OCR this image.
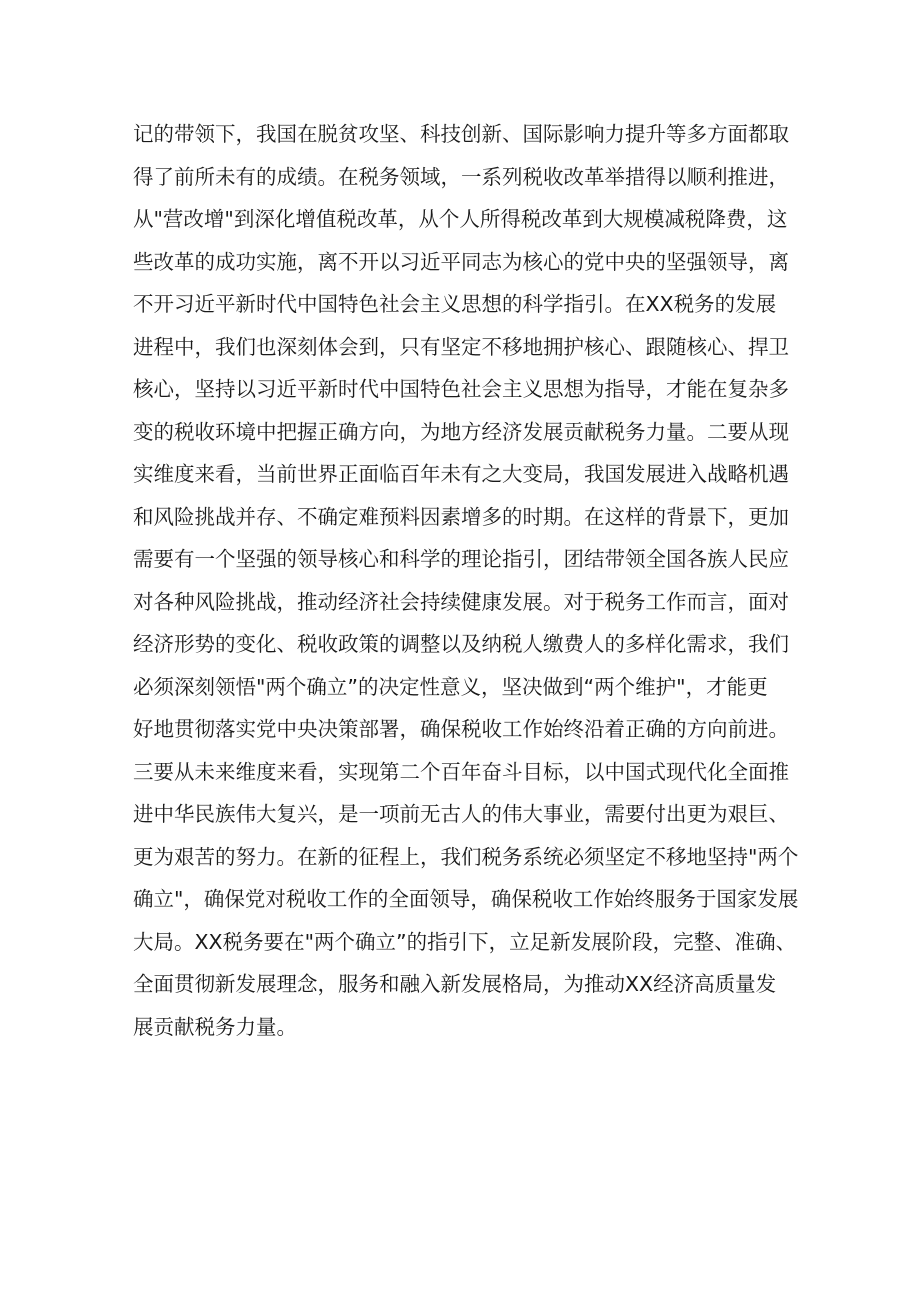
记的带领下，我国在脱贫攻坚、科技创新、国际影响力提升等多方面都取
得了前所未有的成绩。在税务领域，一系列税收改革举措得以顺利推进，
从"营改增"到深化增值税改革，从个人所得税改革到大规模减税降费，这
些改革的成功实施，离不开以习近平同志为核心的党中央的坚强领导，离
不开习近平新时代中国特色社会主义思想的科学指引。在XX税务的发展
进程中，我们也深刻体会到，只有坚定不移地拥护核心、跟随核心、捍卫
核心，坚持以习近平新时代中国特色社会主义思想为指导，才能在复杂多
变的税收环境中把握正确方向，为地方经济发展贡献税务力量。二要从现
实维度来看，当前世界正面临百年未有之大变局，我国发展进入战略机遇
和风险挑战并存、不确定难预料因素增多的时期。在这样的背景下，更加
需要有一个坚强的领导核心和科学的理论指引，团结带领全国各族人民应
对各种风险挑战，推动经济社会持续健康发展。对于税务工作而言，面对
经济形势的变化、税收政策的调整以及纳税人缴费人的多样化需求，我们
必须深刻领悟"两个确立”的决定性意义，坚决做到“两个维护"，才能更
好地贯彻落实党中央决策部署，确保税收工作始终沿着正确的方向前进。
三要从未来维度来看，实现第二个百年奋斗目标，以中国式现代化全面推
进中华民族伟大复兴，是一项前无古人的伟大事业，需要付出更为艰巨、
更为艰苦的努力。在新的征程上，我们税务系统必须坚定不移地坚持"两个
确立"，确保党对税收工作的全面领导，确保税收工作始终服务于国家发展
大局。XX税务要在"两个确立”的指引下，立足新发展阶段，完整、准确、
全面贯彻新发展理念，服务和融入新发展格局，为推动XX经济高质量发
展贡献税务力量。
